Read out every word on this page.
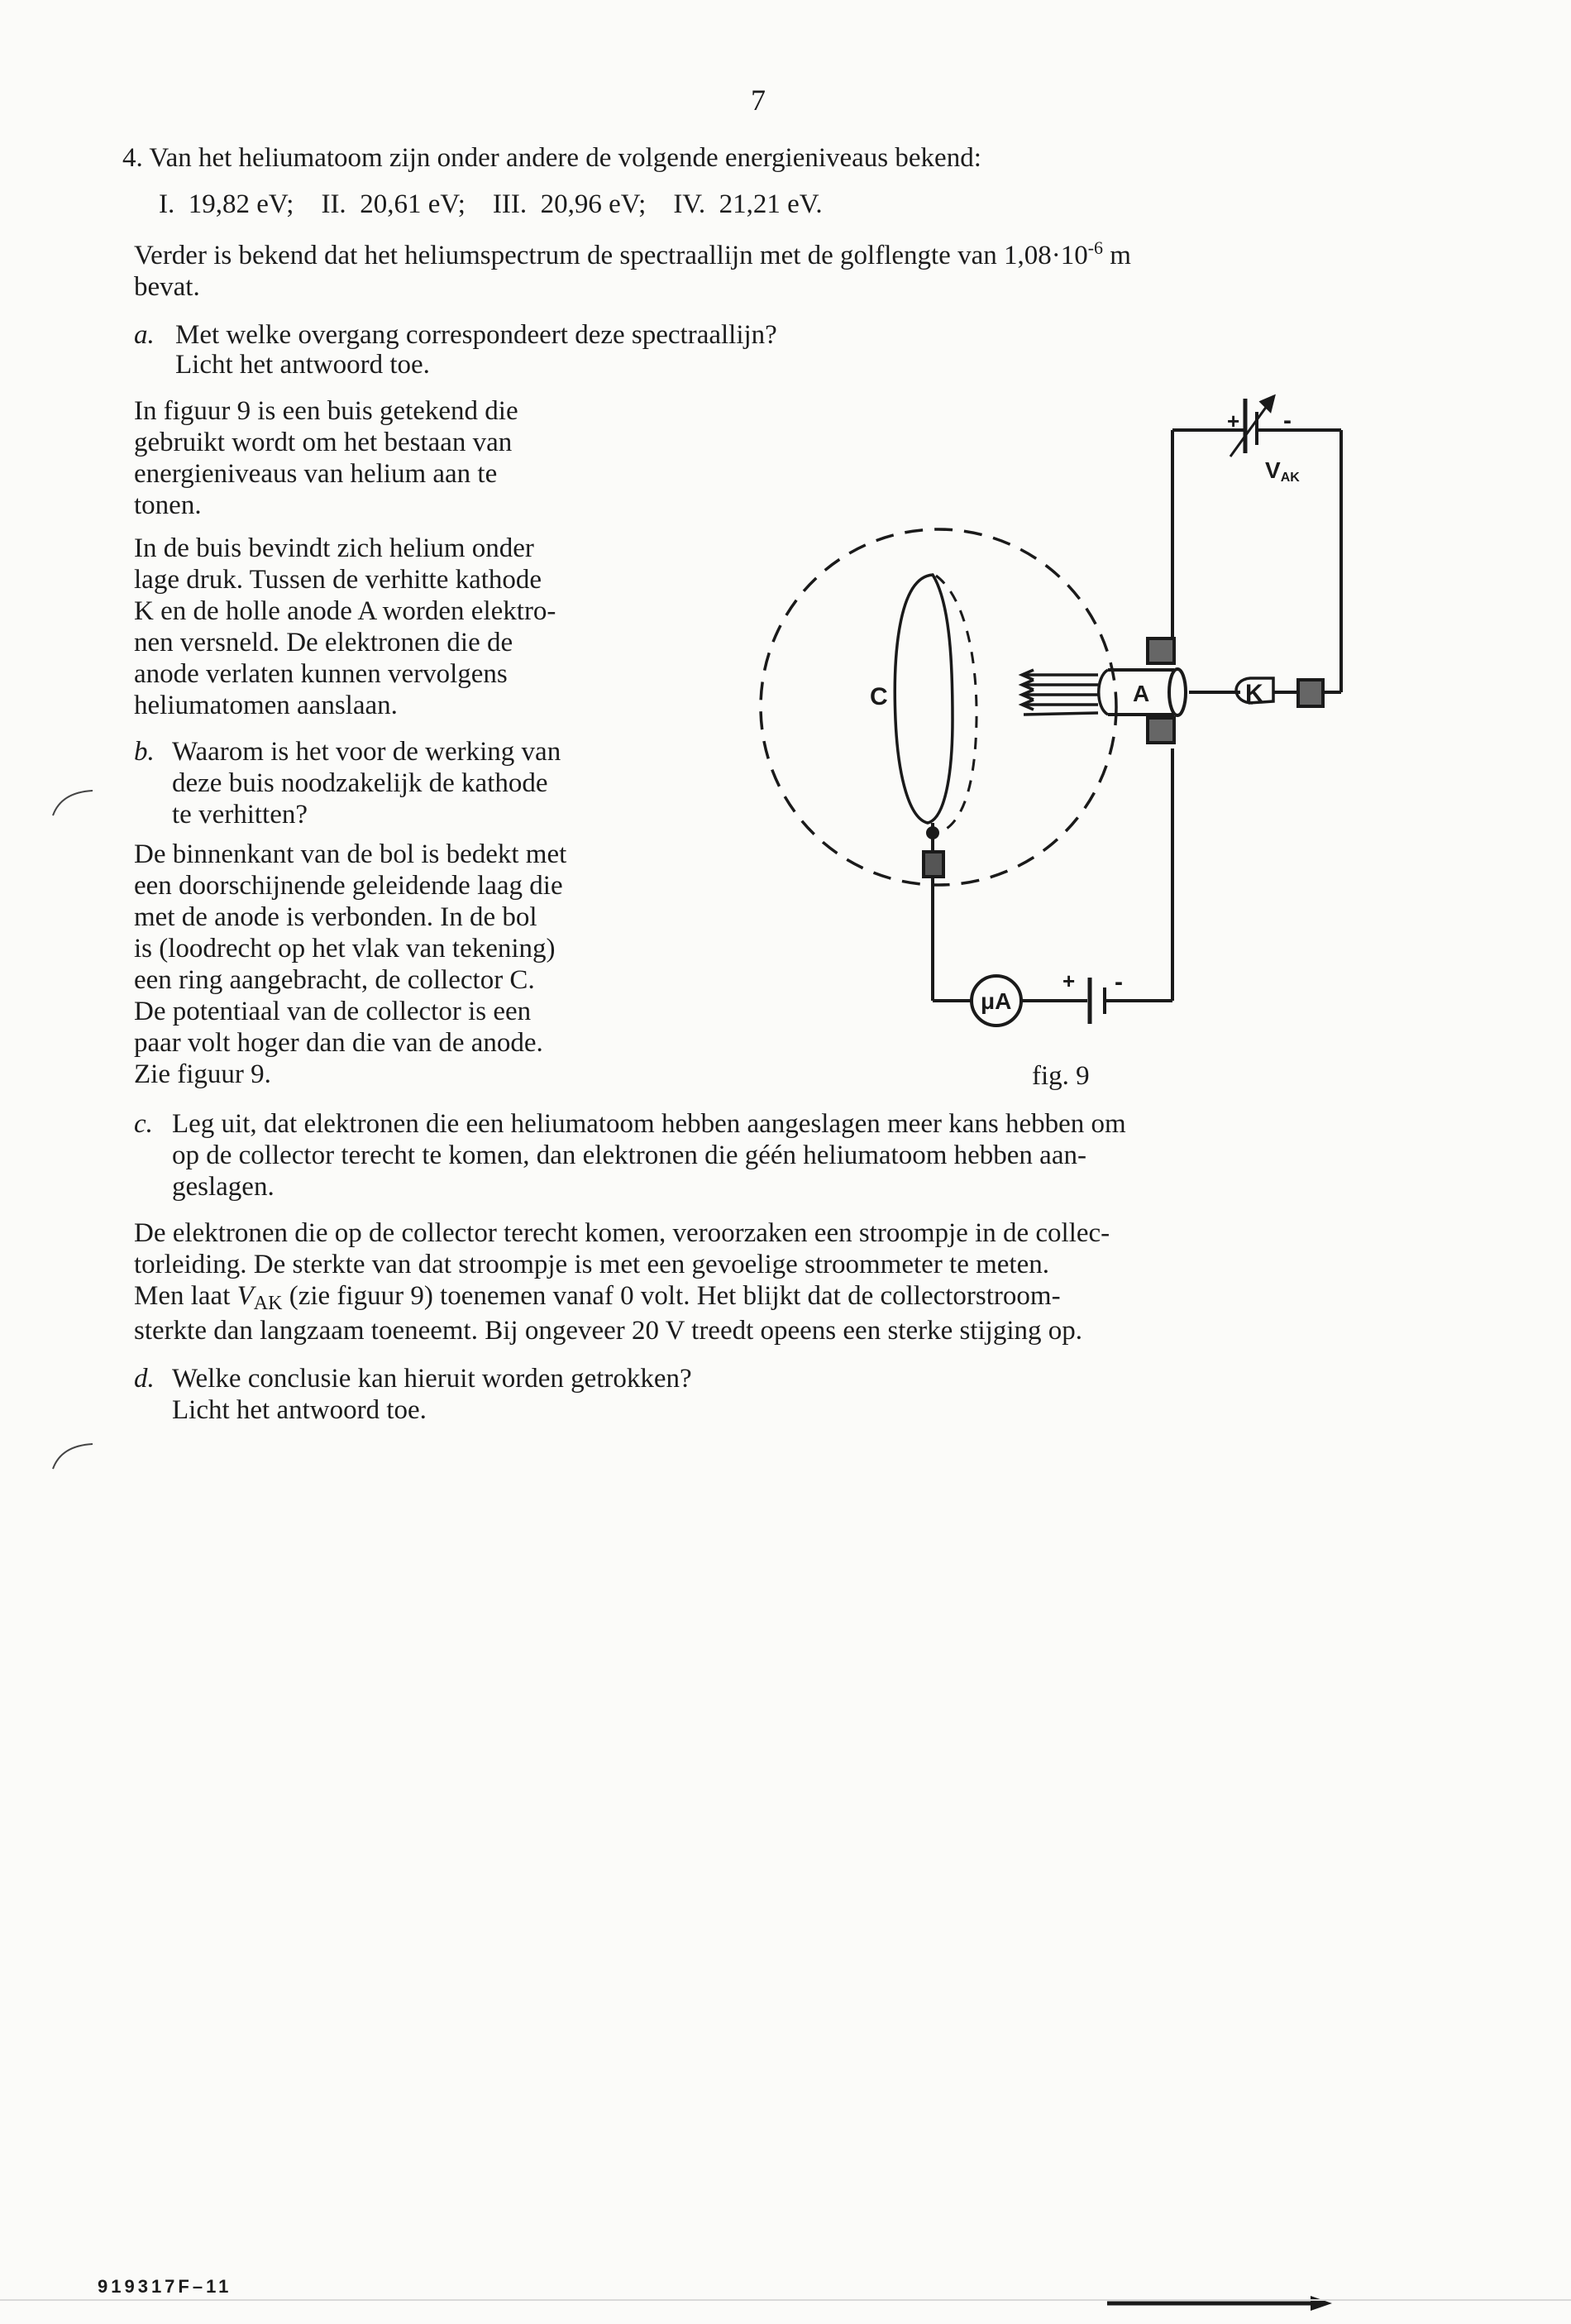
7
4. Van het heliumatoom zijn onder andere de volgende energieniveaus bekend:
I. 19,82 eV; II. 20,61 eV; III. 20,96 eV; IV. 21,21 eV.
Verder is bekend dat het heliumspectrum de spectraallijn met de golflengte van $1,08\cdot 10^{-6}$ m
bevat.
a. Met welke overgang correspondeert deze spectraallijn?
Licht het antwoord toe.
In figuur 9 is een buis getekend die
gebruikt wordt om het bestaan van
energieniveaus van helium aan te
tonen.
In de buis bevindt zich helium onder
lage druk. Tussen de verhitte kathode
K en de holle anode A worden elektro-
nen versneld. De elektronen die de
anode verlaten kunnen vervolgens
heliumatomen aanslaan.
b. Waarom is het voor de werking van
deze buis noodzakelijk de kathode
te verhitten?
De binnenkant van de bol is bedekt met
een doorschijnende geleidende laag die
met de anode is verbonden. In de bol
is (loodrecht op het vlak van tekening)
een ring aangebracht, de collector C.
De potentiaal van de collector is een
paar volt hoger dan die van de anode.
Zie figuur 9.
c. Leg uit, dat elektronen die een heliumatoom hebben aangeslagen meer kans hebben om
op de collector terecht te komen, dan elektronen die géén heliumatoom hebben aan-
geslagen.
De elektronen die op de collector terecht komen, veroorzaken een stroompje in de collec-
torleiding. De sterkte van dat stroompje is met een gevoelige stroommeter te meten.
Men laat VAK (zie figuur 9) toenemen vanaf 0 volt. Het blijkt dat de collectorstroom-
sterkte dan langzaam toeneemt. Bij ongeveer 20 V treedt opeens een sterke stijging op.
d. Welke conclusie kan hieruit worden getrokken?
Licht het antwoord toe.
C	A	K
+ -
VAK
μA
+ -
fig. 9
919317F–11
